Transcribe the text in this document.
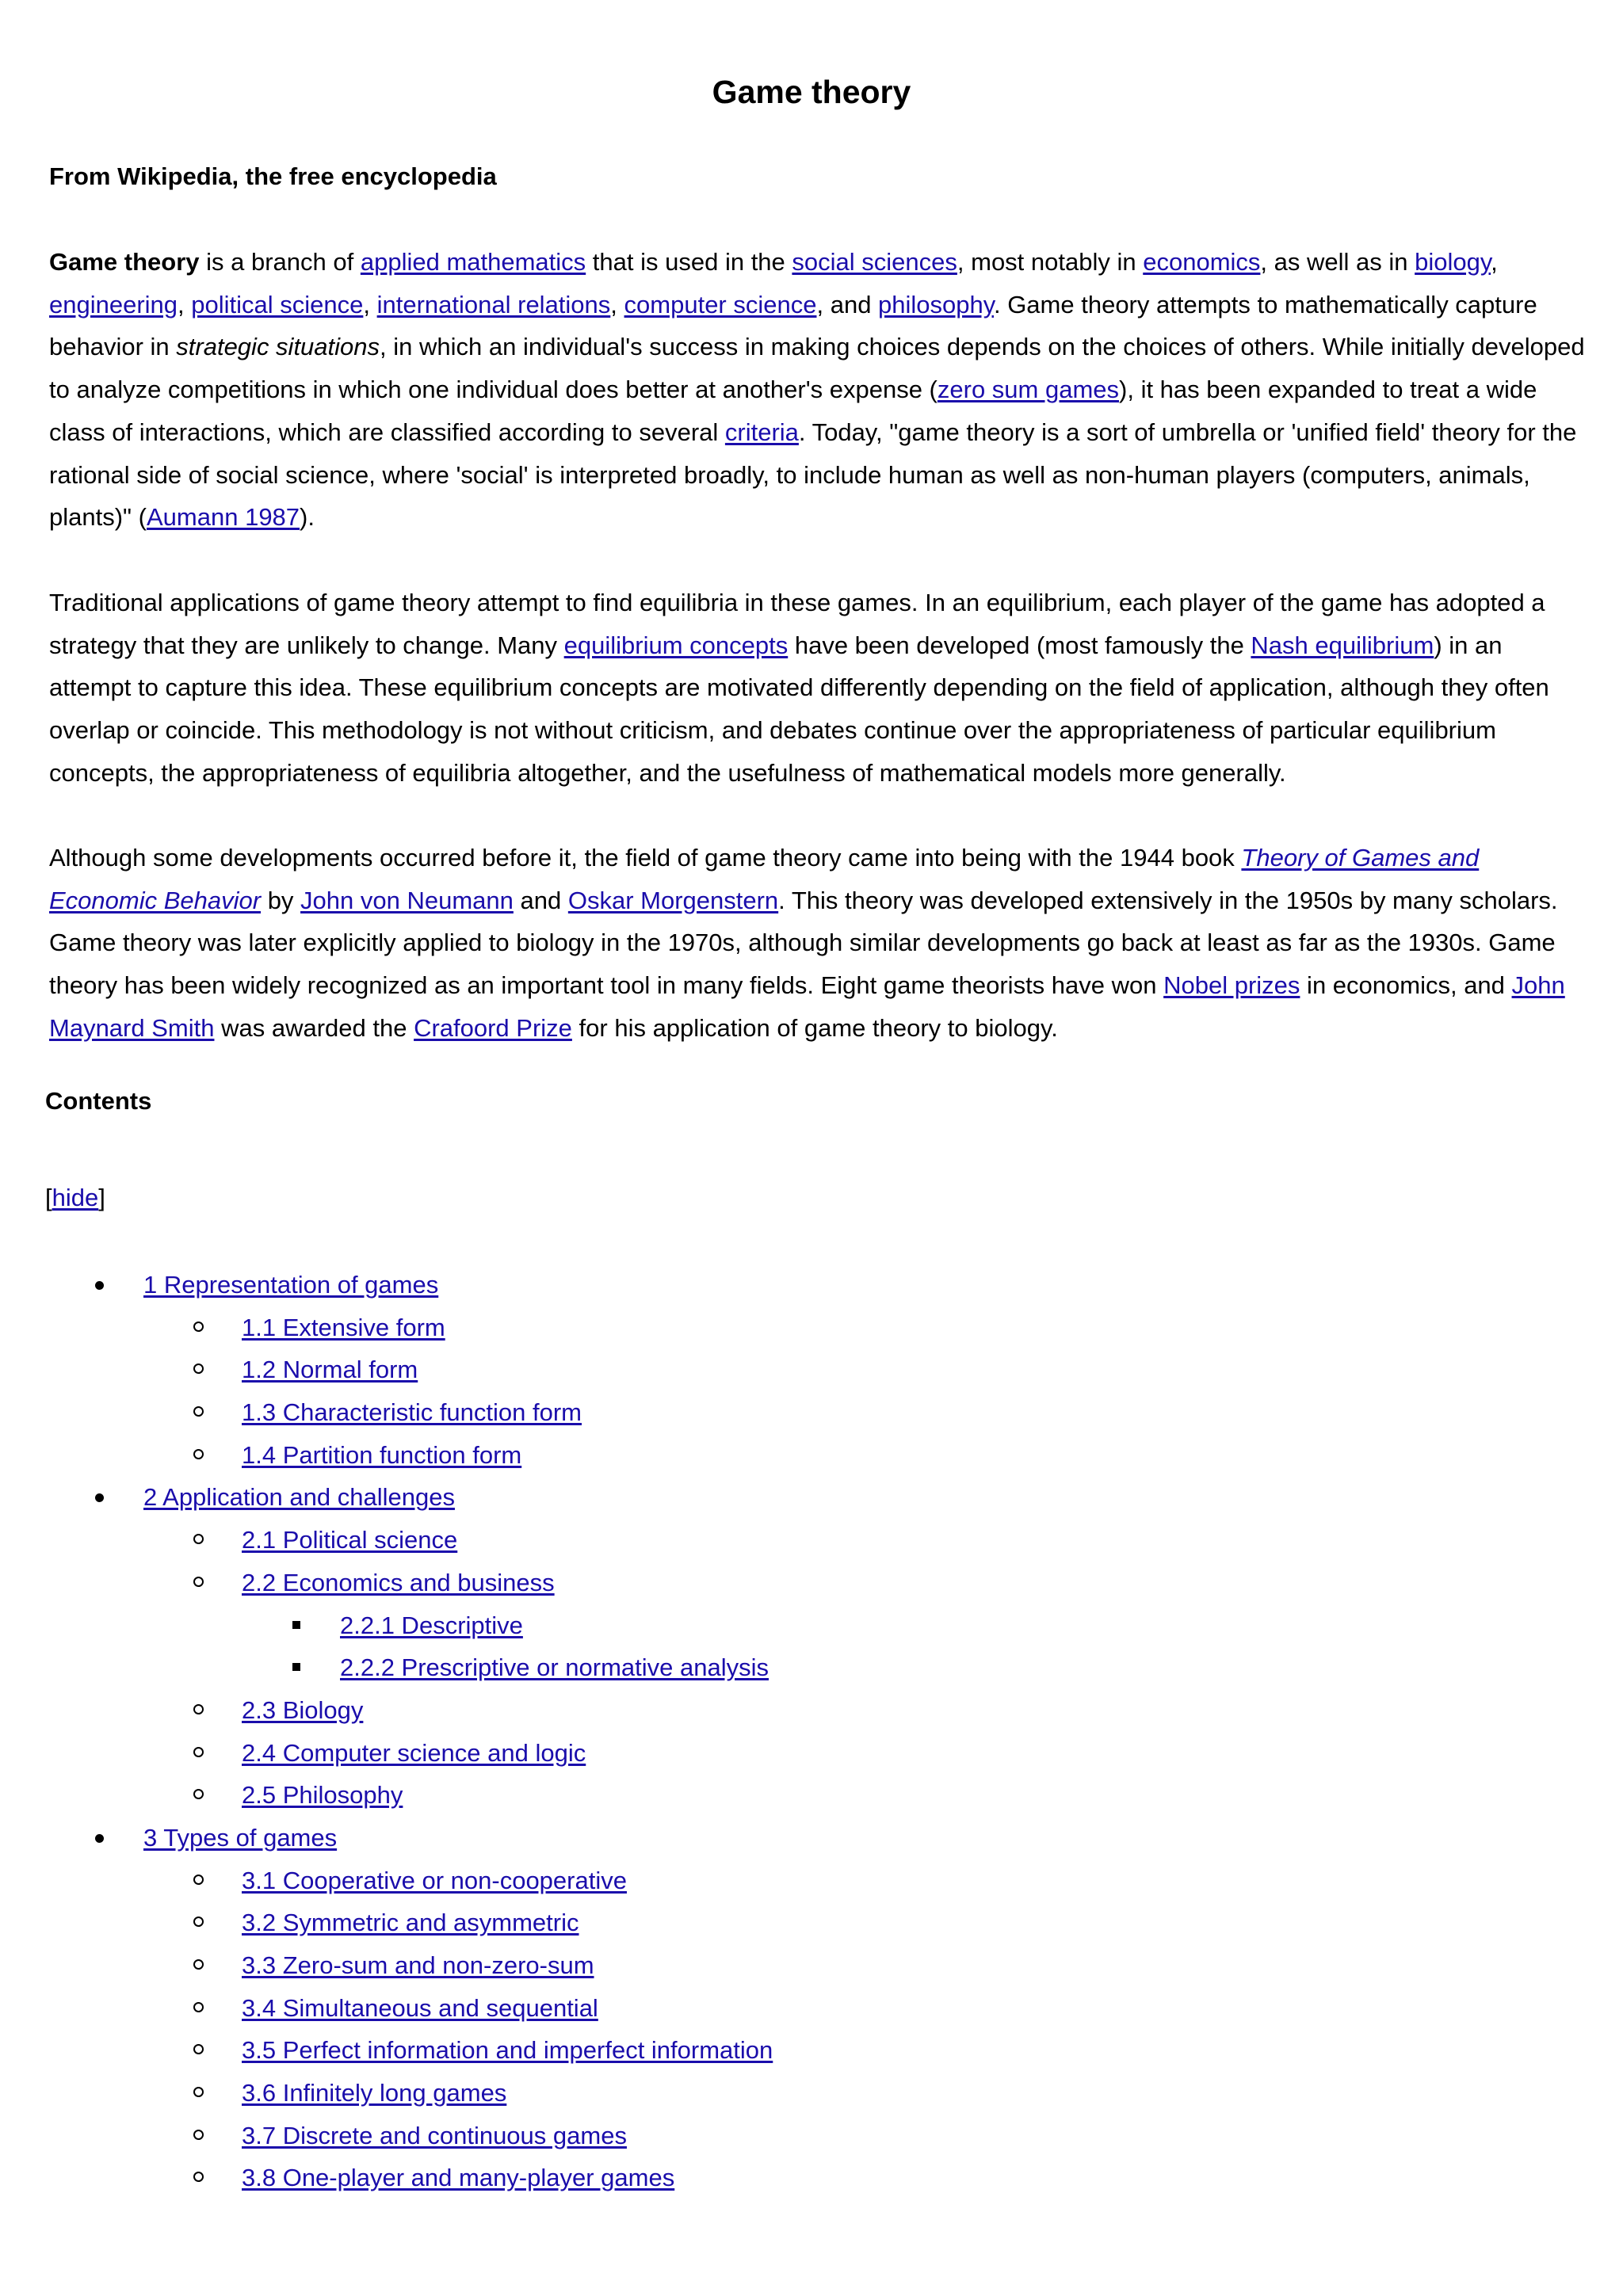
Game theory

From Wikipedia, the free encyclopedia

Game theory is a branch of applied mathematics that is used in the social sciences, most notably in economics, as well as in biology, engineering, political science, international relations, computer science, and philosophy. Game theory attempts to mathematically capture behavior in strategic situations, in which an individual's success in making choices depends on the choices of others. While initially developed to analyze competitions in which one individual does better at another's expense (zero sum games), it has been expanded to treat a wide class of interactions, which are classified according to several criteria. Today, "game theory is a sort of umbrella or 'unified field' theory for the rational side of social science, where 'social' is interpreted broadly, to include human as well as non-human players (computers, animals, plants)" (Aumann 1987).

Traditional applications of game theory attempt to find equilibria in these games. In an equilibrium, each player of the game has adopted a strategy that they are unlikely to change. Many equilibrium concepts have been developed (most famously the Nash equilibrium) in an attempt to capture this idea. These equilibrium concepts are motivated differently depending on the field of application, although they often overlap or coincide. This methodology is not without criticism, and debates continue over the appropriateness of particular equilibrium concepts, the appropriateness of equilibria altogether, and the usefulness of mathematical models more generally.

Although some developments occurred before it, the field of game theory came into being with the 1944 book Theory of Games and Economic Behavior by John von Neumann and Oskar Morgenstern. This theory was developed extensively in the 1950s by many scholars. Game theory was later explicitly applied to biology in the 1970s, although similar developments go back at least as far as the 1930s. Game theory has been widely recognized as an important tool in many fields. Eight game theorists have won Nobel prizes in economics, and John Maynard Smith was awarded the Crafoord Prize for his application of game theory to biology.

Contents

[hide]

1 Representation of games
1.1 Extensive form
1.2 Normal form
1.3 Characteristic function form
1.4 Partition function form
2 Application and challenges
2.1 Political science
2.2 Economics and business
2.2.1 Descriptive
2.2.2 Prescriptive or normative analysis
2.3 Biology
2.4 Computer science and logic
2.5 Philosophy
3 Types of games
3.1 Cooperative or non-cooperative
3.2 Symmetric and asymmetric
3.3 Zero-sum and non-zero-sum
3.4 Simultaneous and sequential
3.5 Perfect information and imperfect information
3.6 Infinitely long games
3.7 Discrete and continuous games
3.8 One-player and many-player games
